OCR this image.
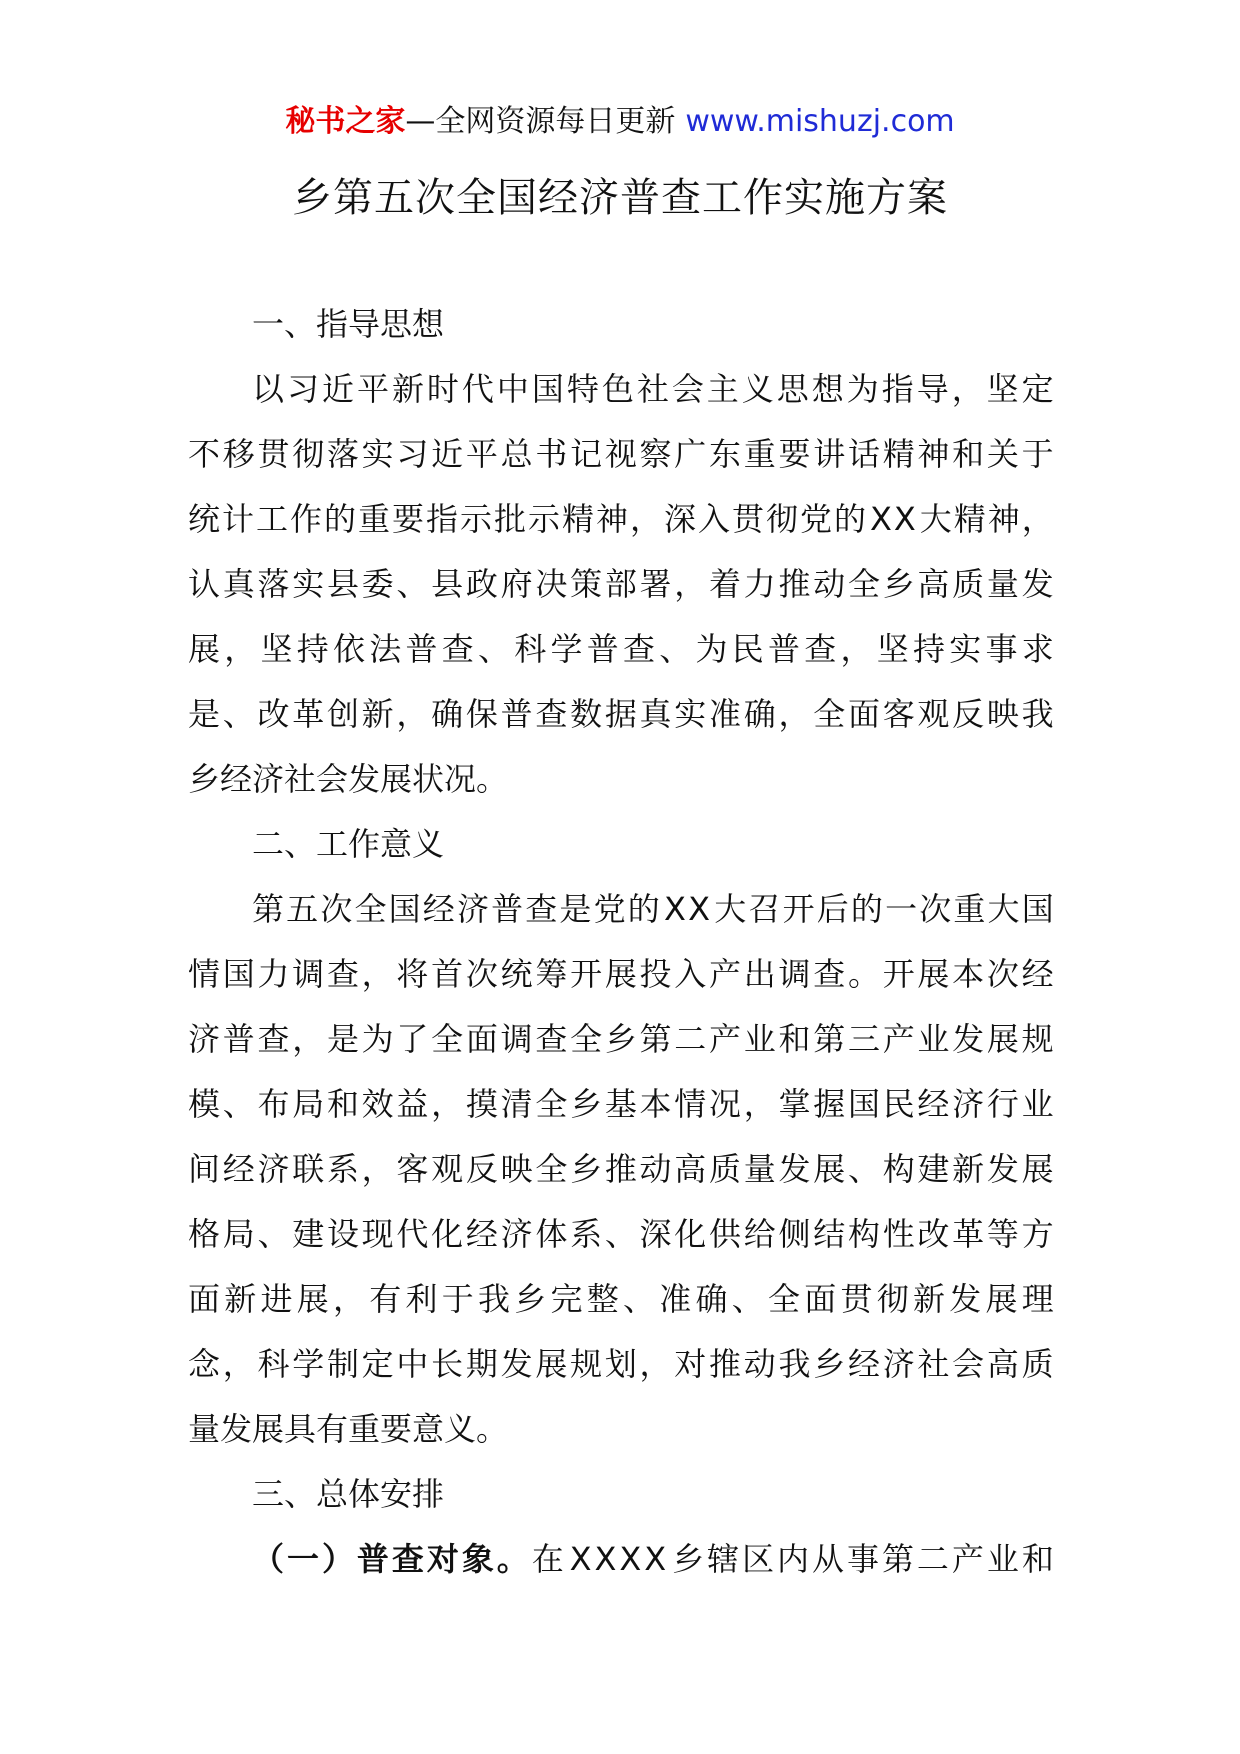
秘书之家—全网资源每日更新 www.mishuzj.com
乡第五次全国经济普查工作实施方案
一、指导思想
以 习 近 平 新 时 代 中 国 特 色 社 会 主 义 思 想 为 指 导 ， 坚 定
不 移 贯 彻 落 实 习 近 平 总 书 记 视 察 广 东 重 要 讲 话 精 神 和 关 于
统 计 工 作 的 重 要 指 示 批 示 精 神 ， 深 入 贯 彻 党 的 X X 大 精 神 ，
认 真 落 实 县 委 、 县 政 府 决 策 部 署 ， 着 力 推 动 全 乡 高 质 量 发
展 ， 坚 持 依 法 普 查 、 科 学 普 查 、 为 民 普 查 ， 坚 持 实 事 求
是 、 改 革 创 新 ， 确 保 普 查 数 据 真 实 准 确 ， 全 面 客 观 反 映 我
乡经济社会发展状况。
二、工作意义
第 五 次 全 国 经 济 普 查 是 党 的 X X 大 召 开 后 的 一 次 重 大 国
情 国 力 调 查 ， 将 首 次 统 筹 开 展 投 入 产 出 调 查 。 开 展 本 次 经
济 普 查 ， 是 为 了 全 面 调 查 全 乡 第 二 产 业 和 第 三 产 业 发 展 规
模 、 布 局 和 效 益 ， 摸 清 全 乡 基 本 情 况 ， 掌 握 国 民 经 济 行 业
间 经 济 联 系 ， 客 观 反 映 全 乡 推 动 高 质 量 发 展 、 构 建 新 发 展
格 局 、 建 设 现 代 化 经 济 体 系 、 深 化 供 给 侧 结 构 性 改 革 等 方
面 新 进 展 ， 有 利 于 我 乡 完 整 、 准 确 、 全 面 贯 彻 新 发 展 理
念 ， 科 学 制 定 中 长 期 发 展 规 划 ， 对 推 动 我 乡 经 济 社 会 高 质
量发展具有重要意义。
三、总体安排
（ 一 ） 普 查 对 象 。 在 X X X X 乡 辖 区 内 从 事 第 二 产 业 和
